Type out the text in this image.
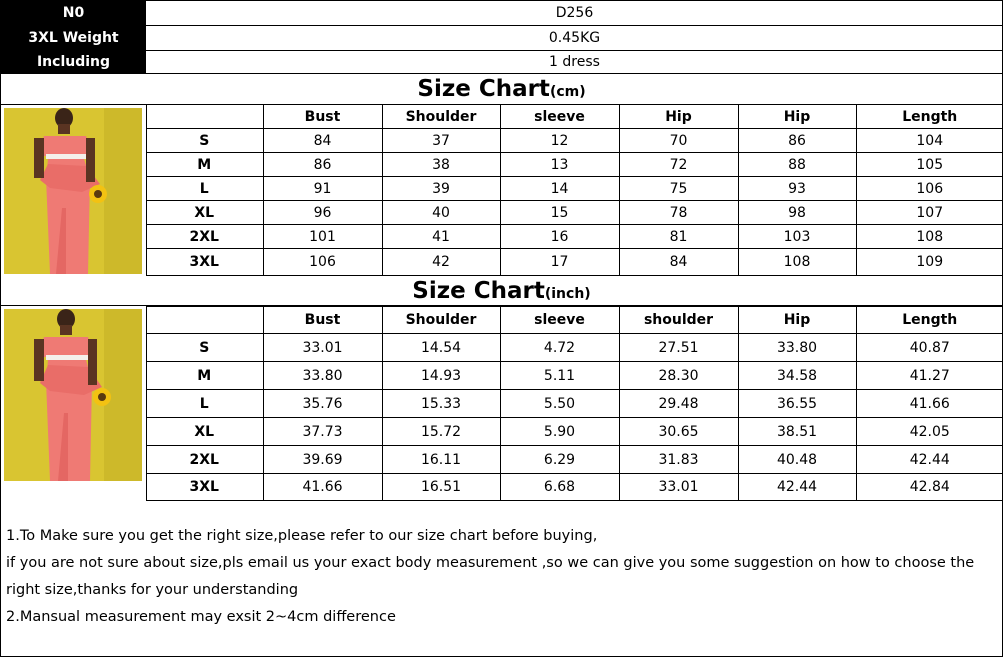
N0	D256
3XL Weight	0.45KG
Including	1 dress
Size Chart(cm)
	Bust	Shoulder	sleeve	Hip	Hip	Length
S	84	37	12	70	86	104
M	86	38	13	72	88	105
L	91	39	14	75	93	106
XL	96	40	15	78	98	107
2XL	101	41	16	81	103	108
3XL	106	42	17	84	108	109
Size Chart(inch)
	Bust	Shoulder	sleeve	shoulder	Hip	Length
S	33.01	14.54	4.72	27.51	33.80	40.87
M	33.80	14.93	5.11	28.30	34.58	41.27
L	35.76	15.33	5.50	29.48	36.55	41.66
XL	37.73	15.72	5.90	30.65	38.51	42.05
2XL	39.69	16.11	6.29	31.83	40.48	42.44
3XL	41.66	16.51	6.68	33.01	42.44	42.84

1.To Make sure you get the right size,please refer to our size chart before buying,

if you are not sure about size,pls email us your exact body measurement ,so we can give you some suggestion on how to choose the right size,thanks for your understanding

2.Mansual measurement may exsit 2~4cm difference
